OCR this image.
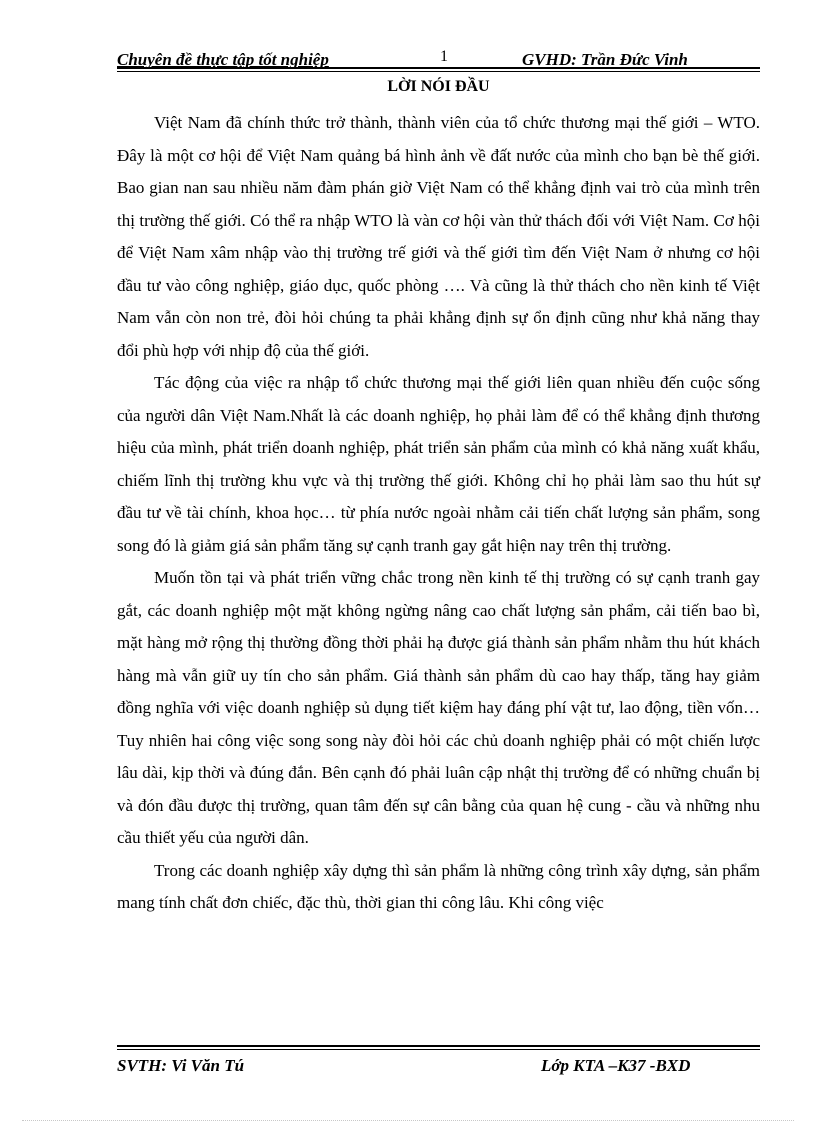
Chuyên đề thực tập tốt nghiệp	1	GVHD: Trần Đức Vinh
LỜI NÓI ĐẦU

Việt Nam đã chính thức trở thành, thành viên của tổ chức thương mại thế giới – WTO. Đây là một cơ hội để Việt Nam quảng bá hình ảnh về đất nước của mình cho bạn bè thế giới. Bao gian nan sau nhiều năm đàm phán giờ Việt Nam có thể khẳng định vai trò của mình trên thị trường thế giới. Có thể ra nhập WTO là vàn cơ hội vàn thử thách đối với Việt Nam. Cơ hội để Việt Nam xâm nhập vào thị trường trế giới và thế giới tìm đến Việt Nam ở nhưng cơ hội đầu tư vào công nghiệp, giáo dục, quốc phòng …. Và cũng là thử thách cho nền kinh tế Việt Nam vẫn còn non trẻ, đòi hỏi chúng ta phải khẳng định sự ổn định cũng như khả năng thay đổi phù hợp với nhịp độ của thế giới.

Tác động của việc ra nhập tổ chức thương mại thế giới liên quan nhiều đến cuộc sống của người dân Việt Nam.Nhất là các doanh nghiệp, họ phải làm để có thể khẳng định thương hiệu của mình, phát triển doanh nghiệp, phát triển sản phẩm của mình có khả năng xuất khẩu, chiếm lĩnh thị trường khu vực và thị trường thế giới. Không chỉ họ phải làm sao thu hút sự đầu tư về tài chính, khoa học… từ phía nước ngoài nhằm cải tiến chất lượng sản phẩm, song song đó là giảm giá sản phẩm tăng sự cạnh tranh gay gắt hiện nay trên thị trường.

Muốn tồn tại và phát triển vững chắc trong nền kinh tế thị trường có sự cạnh tranh gay gắt, các doanh nghiệp một mặt không ngừng nâng cao chất lượng sản phẩm, cải tiến bao bì, mặt hàng mở rộng thị thường đồng thời phải hạ được giá thành sản phẩm nhằm thu hút khách hàng mà vẫn giữ uy tín cho sản phẩm. Giá thành sản phẩm dù cao hay thấp, tăng hay giảm đồng nghĩa với việc doanh nghiệp sủ dụng tiết kiệm hay đáng phí vật tư, lao động, tiền vốn… Tuy nhiên hai công việc song song này đòi hỏi các chủ doanh nghiệp phải có một chiến lược lâu dài, kịp thời và đúng đắn. Bên cạnh đó phải luân cập nhật thị trường để có những chuẩn bị và đón đầu được thị trường, quan tâm đến sự cân bằng của quan hệ cung - cầu và những nhu cầu thiết yếu của người dân.

Trong các doanh nghiệp xây dựng thì sản phẩm là những công trình xây dựng, sản phẩm mang tính chất đơn chiếc, đặc thù, thời gian thi công lâu. Khi công việc

SVTH: Vi Văn Tú	Lớp KTA –K37 -BXD
